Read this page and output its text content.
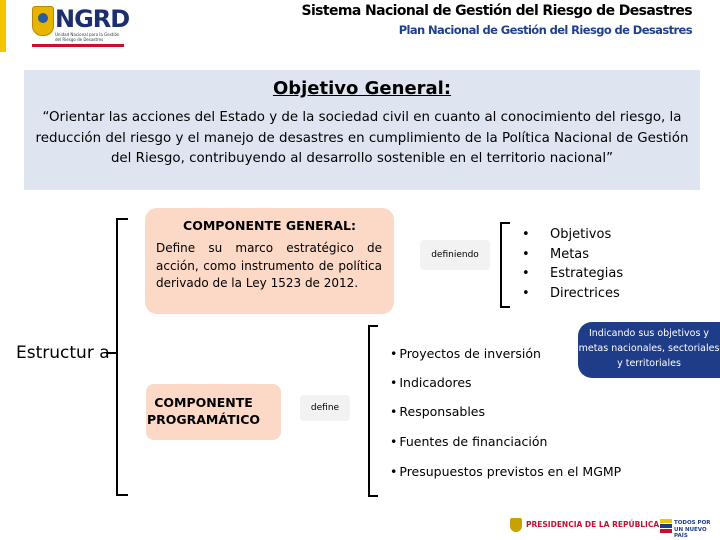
NGRD
Unidad Nacional para la Gestión del Riesgo de Desastres
Sistema Nacional de Gestión del Riesgo de Desastres
Plan Nacional de Gestión del Riesgo de Desastres
Objetivo General:
“Orientar las acciones del Estado y de la sociedad civil en cuanto al conocimiento del riesgo, la reducción del riesgo y el manejo de desastres en cumplimiento de la Política Nacional de Gestión del Riesgo, contribuyendo al desarrollo sostenible en el territorio nacional”
Estructur a
COMPONENTE GENERAL:
Define su marco estratégico de acción, como instrumento de política derivado de la Ley 1523 de 2012.
definiendo
• Objetivos
• Metas
• Estrategias
• Directrices
COMPONENTE PROGRAMÁTICO
define
• Proyectos de inversión
• Indicadores
• Responsables
• Fuentes de financiación
• Presupuestos previstos en el MGMP
Indicando sus objetivos y metas nacionales, sectoriales y territoriales
PRESIDENCIA DE LA REPÚBLICA	TODOS POR UN NUEVO PAÍS
